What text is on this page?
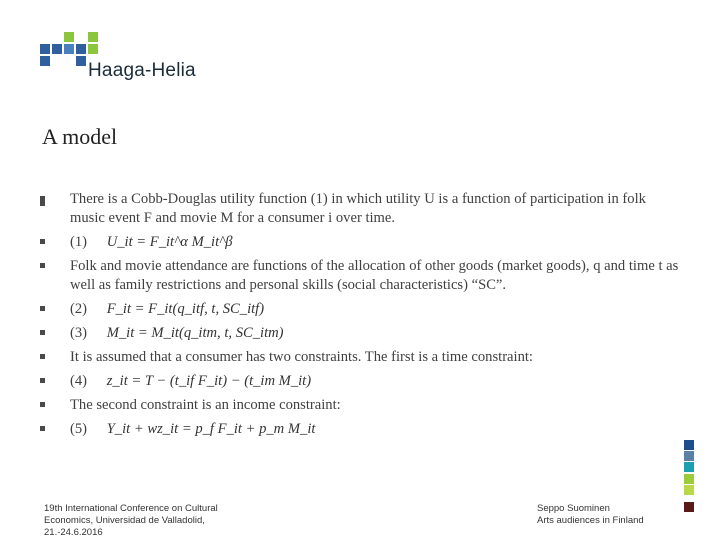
Haaga-Helia
A model
There is a Cobb-Douglas utility function (1) in which utility U is a function of participation in folk music event F and movie M for a consumer i over time.
(1) U_it = F_it^α M_it^β
Folk and movie attendance are functions of the allocation of other goods (market goods), q and time t as well as family restrictions and personal skills (social characteristics) “SC”.
(2) F_it = F_it(q_itf, t, SC_itf)
(3) M_it = M_it(q_itm, t, SC_itm)
It is assumed that a consumer has two constraints. The first is a time constraint:
(4) z_it = T − (t_if F_it) − (t_im M_it)
The second constraint is an income constraint:
(5) Y_it + wz_it = p_f F_it + p_m M_it
19th International Conference on Cultural Economics, Universidad de Valladolid, 21.-24.6.2016
Seppo Suominen
Arts audiences in Finland
